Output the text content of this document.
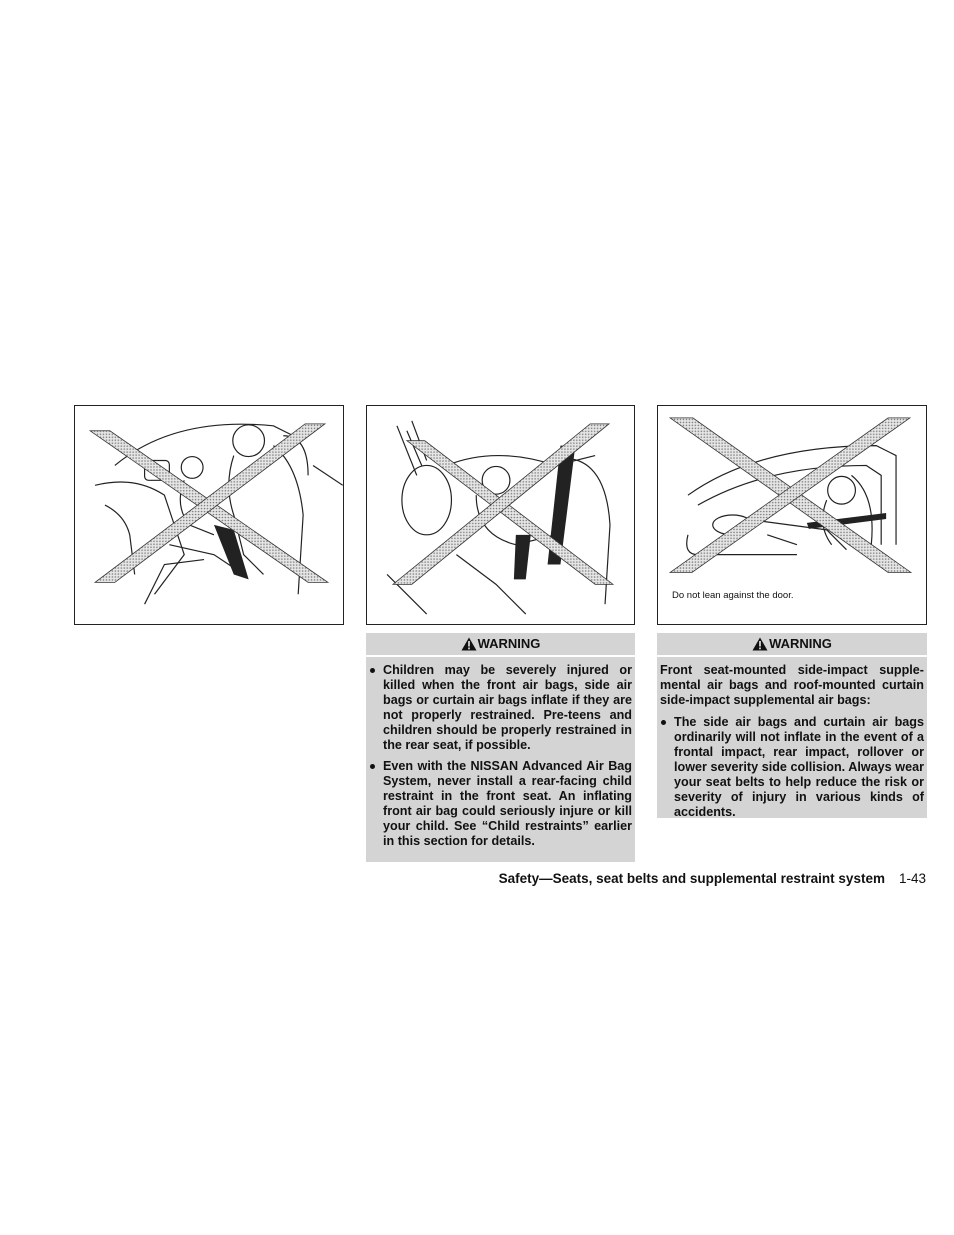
Do not lean against the door.
WARNING
Children may be severely injured or killed when the front air bags, side air bags or curtain air bags inflate if they are not properly restrained. Pre-teens and children should be properly restrained in the rear seat, if possible.
Even with the NISSAN Advanced Air Bag System, never install a rear-facing child restraint in the front seat. An inflating front air bag could seriously injure or kill your child. See “Child restraints” earlier in this section for details.
WARNING

Front seat-mounted side-impact supplemental air bags and roof-mounted curtain side-impact supplemental air bags:

The side air bags and curtain air bags ordinarily will not inflate in the event of a frontal impact, rear impact, rollover or lower severity side collision. Always wear your seat belts to help reduce the risk or severity of injury in various kinds of accidents.
Safety—Seats, seat belts and supplemental restraint system 1-43
